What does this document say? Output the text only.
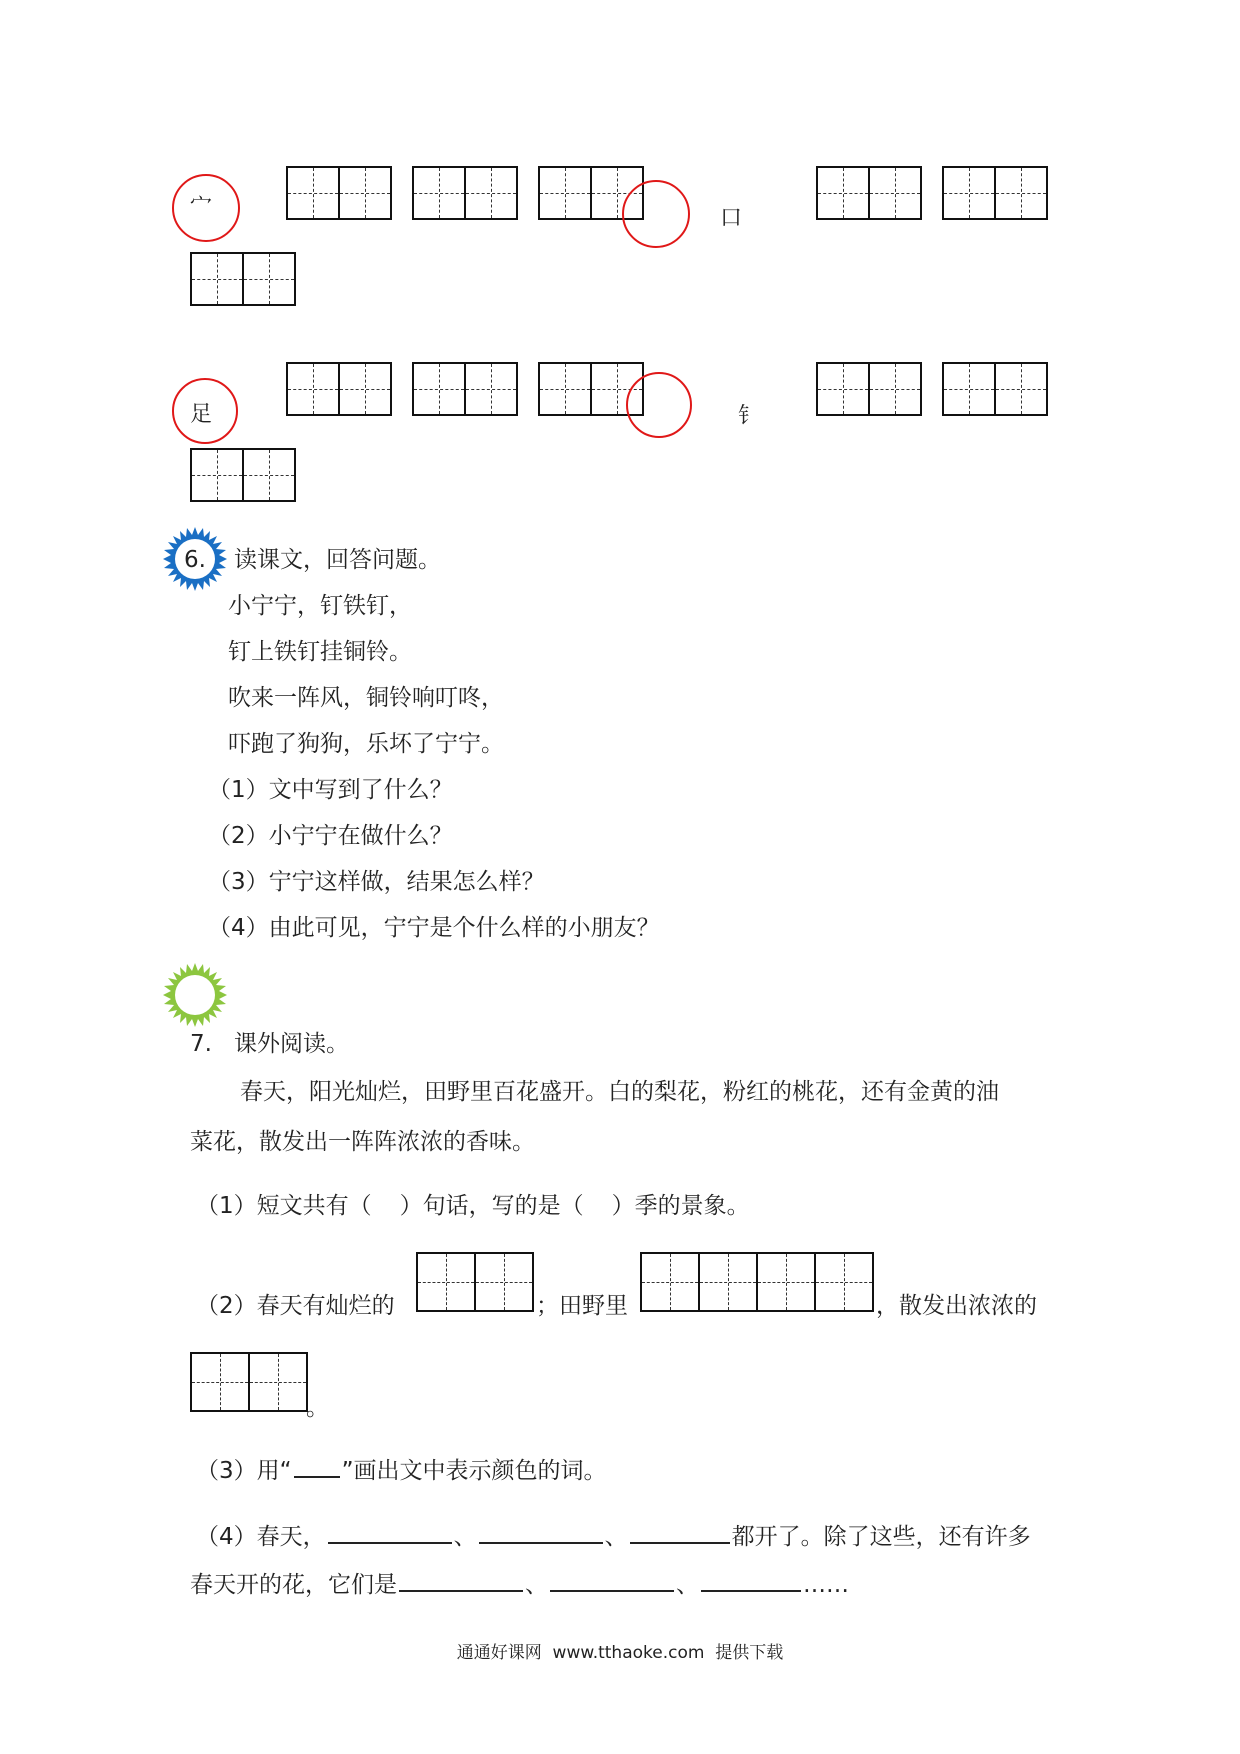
宀	口
足	钅
6. 读课文，回答问题。
小宁宁，钉铁钉，
钉上铁钉挂铜铃。
吹来一阵风，铜铃响叮咚，
吓跑了狗狗，乐坏了宁宁。
（1）文中写到了什么？
（2）小宁宁在做什么？
（3）宁宁这样做，结果怎么样？
（4）由此可见，宁宁是个什么样的小朋友？
7. 课外阅读。
春天，阳光灿烂，田野里百花盛开。白的梨花，粉红的桃花，还有金黄的油
菜花，散发出一阵阵浓浓的香味。
（1）短文共有（ ）句话，写的是（ ）季的景象。
（2）春天有灿烂的	；田野里	，散发出浓浓的
。
（3）用“ ”画出文中表示颜色的词。
（4）春天，	、	、	都开了。除了这些，还有许多
春天开的花，它们是	、	、	……
通通好课网  www.tthaoke.com  提供下载
